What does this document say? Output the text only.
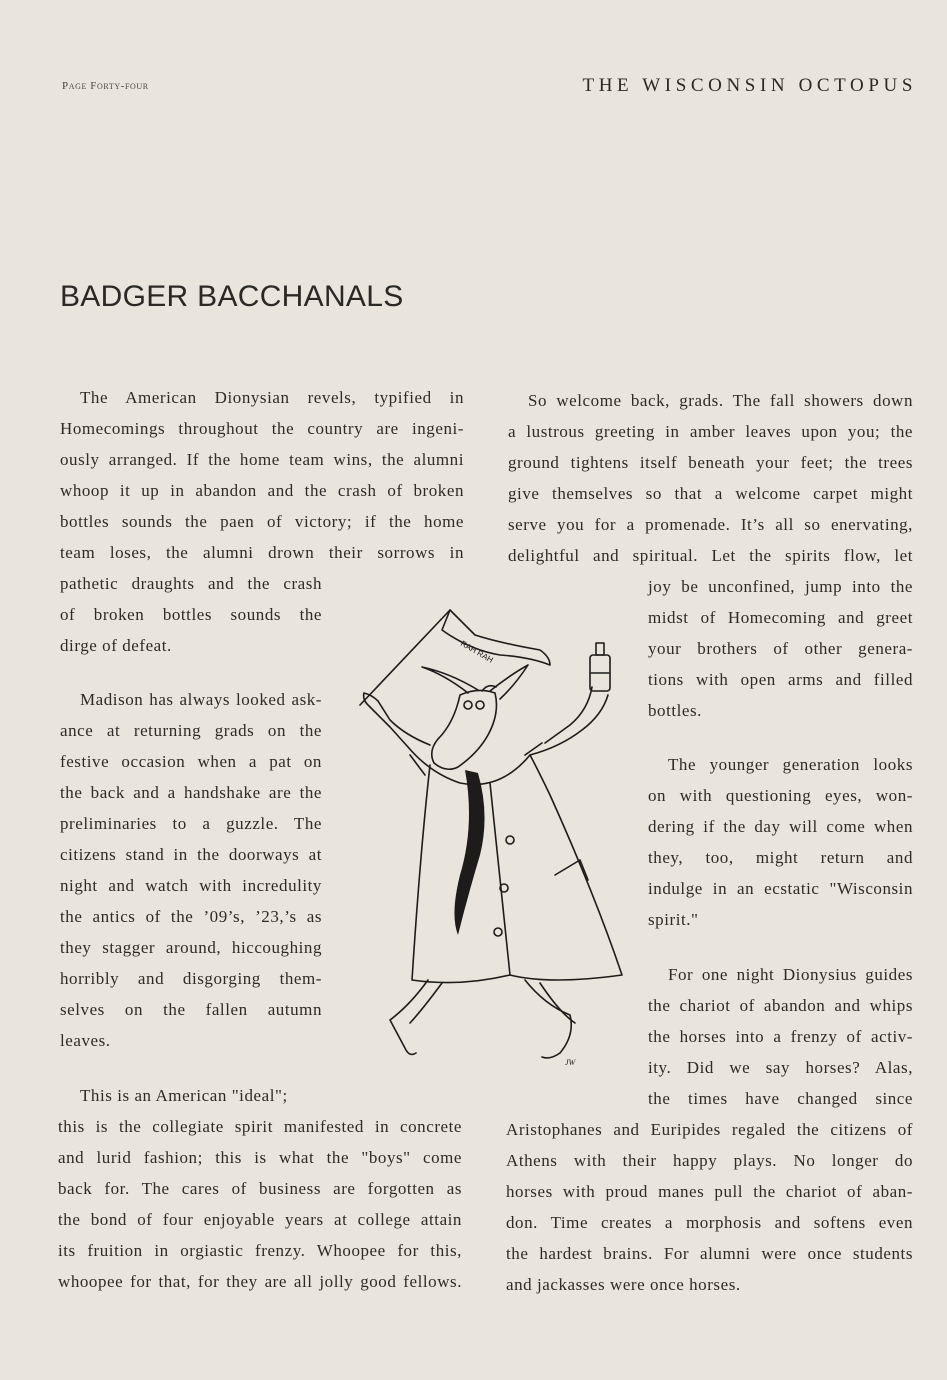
Page Forty-four	THE WISCONSIN OCTOPUS
BADGER BACCHANALS
The American Dionysian revels, typified in
Homecomings throughout the country are ingeni-
ously arranged. If the home team wins, the alumni
whoop it up in abandon and the crash of broken
bottles sounds the paen of victory; if the home
team loses, the alumni drown their sorrows in
pathetic draughts and the crash
of broken bottles sounds the
dirge of defeat.
Madison has always looked ask-
ance at returning grads on the
festive occasion when a pat on
the back and a handshake are the
preliminaries to a guzzle. The
citizens stand in the doorways at
night and watch with incredulity
the antics of the ’09’s, ’23,’s as
they stagger around, hiccoughing
horribly and disgorging them-
selves on the fallen autumn
leaves.
This is an American "ideal";
this is the collegiate spirit manifested in concrete
and lurid fashion; this is what the "boys" come
back for. The cares of business are forgotten as
the bond of four enjoyable years at college attain
its fruition in orgiastic frenzy. Whoopee for this,
whoopee for that, for they are all jolly good fellows.
So welcome back, grads. The fall showers down
a lustrous greeting in amber leaves upon you; the
ground tightens itself beneath your feet; the trees
give themselves so that a welcome carpet might
serve you for a promenade. It’s all so enervating,
delightful and spiritual. Let the spirits flow, let
joy be unconfined, jump into the
midst of Homecoming and greet
your brothers of other genera-
tions with open arms and filled
bottles.
The younger generation looks
on with questioning eyes, won-
dering if the day will come when
they, too, might return and
indulge in an ecstatic "Wisconsin
spirit."
For one night Dionysius guides
the chariot of abandon and whips
the horses into a frenzy of activ-
ity. Did we say horses? Alas,
the times have changed since
Aristophanes and Euripides regaled the citizens of
Athens with their happy plays. No longer do
horses with proud manes pull the chariot of aban-
don. Time creates a morphosis and softens even
the hardest brains. For alumni were once students
and jackasses were once horses.
RAH RAH
JW
